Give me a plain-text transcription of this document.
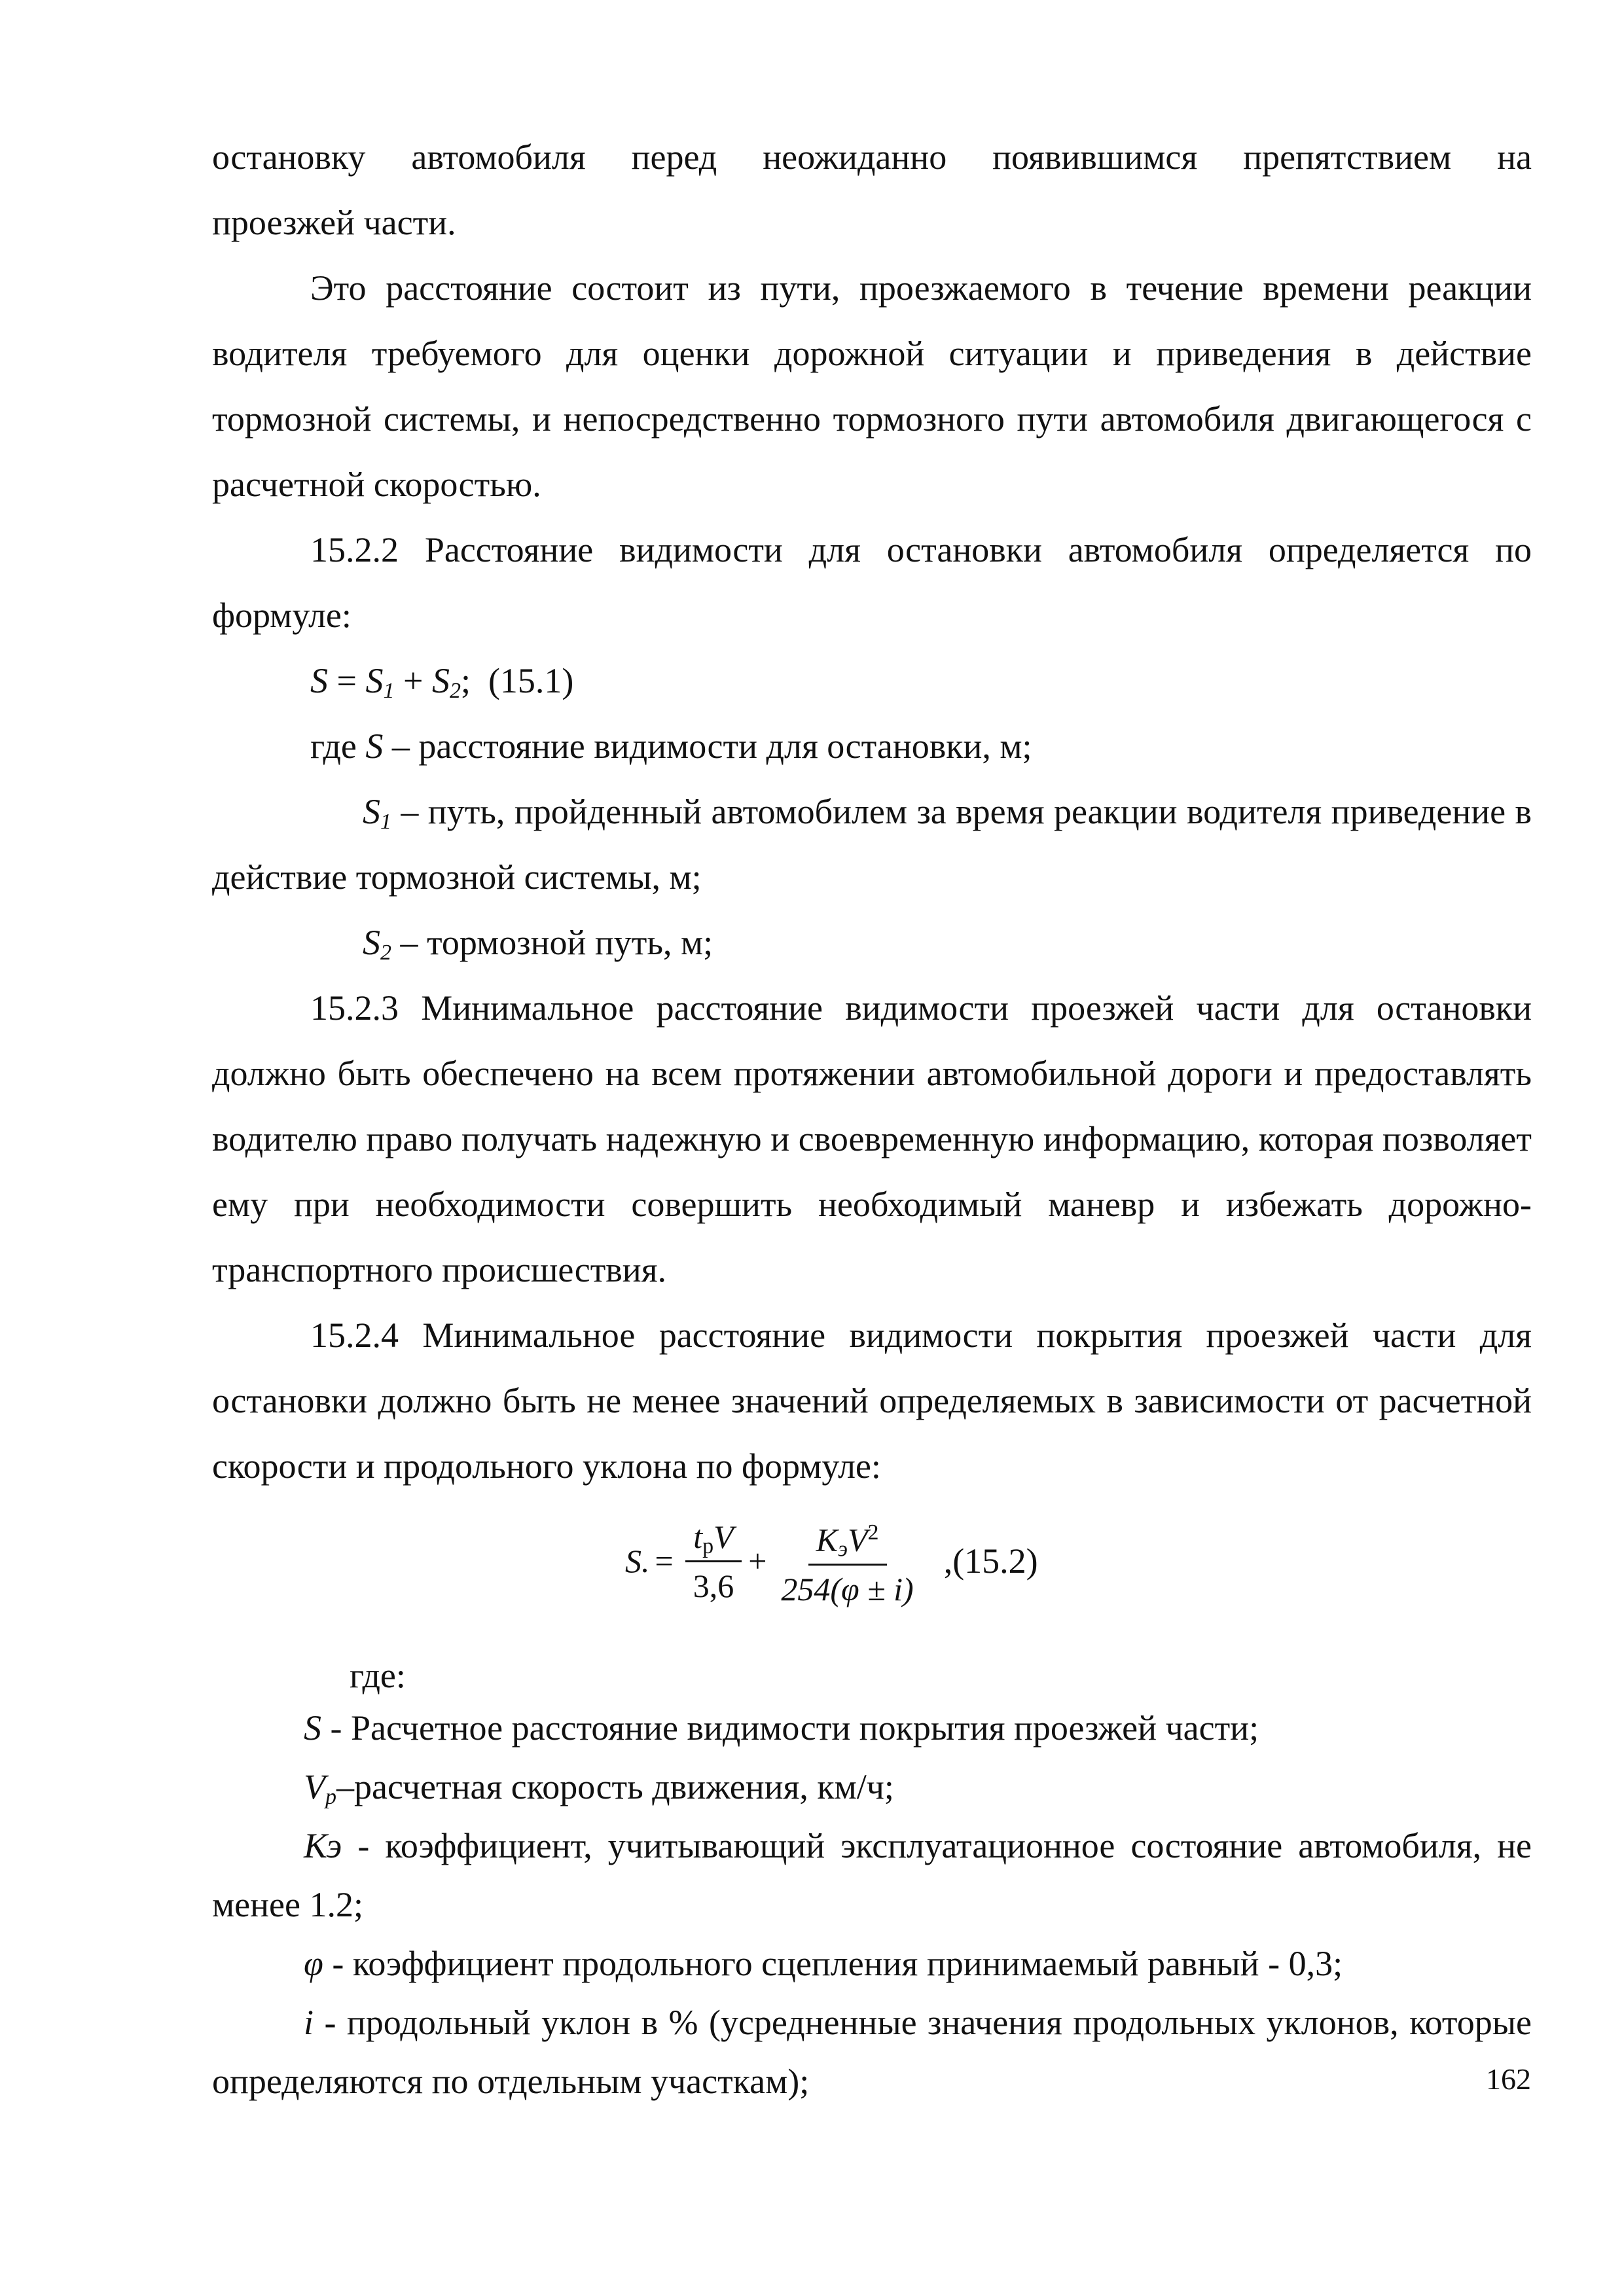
остановку автомобиля перед неожиданно появившимся препятствием на

проезжей части.

Это расстояние состоит из пути, проезжаемого в течение времени реакции водителя требуемого для оценки дорожной ситуации и приведения в действие тормозной системы, и непосредственно тормозного пути автомобиля двигающегося с расчетной скоростью.

15.2.2 Расстояние видимости для остановки автомобиля определяется по формуле:

$S = S_1 + S_2$; (15.1)

где S – расстояние видимости для остановки, м;

$S_1$ – путь, пройденный автомобилем за время реакции водителя приведение в действие тормозной системы, м;

$S_2$ – тормозной путь, м;

15.2.3 Минимальное расстояние видимости проезжей части для остановки должно быть обеспечено на всем протяжении автомобильной дороги и предоставлять водителю право получать надежную и своевременную информацию, которая позволяет ему при необходимости совершить необходимый маневр и избежать дорожно-транспортного происшествия.

15.2.4 Минимальное расстояние видимости покрытия проезжей части для остановки должно быть не менее значений определяемых в зависимости от расчетной скорости и продольного уклона по формуле:

S. = $\frac{t_рV}{3,6} + \frac{K_эV^2}{254(\varphi \pm i)} ,(15.2)$

где:

S - Расчетное расстояние видимости покрытия проезжей части;

$V_р$–расчетная скорость движения, км/ч;

Кэ - коэффициент, учитывающий эксплуатационное состояние автомобиля, не менее 1.2;

φ - коэффициент продольного сцепления принимаемый равный - 0,3;

i - продольный уклон в % (усредненные значения продольных уклонов, которые определяются по отдельным участкам);	162
